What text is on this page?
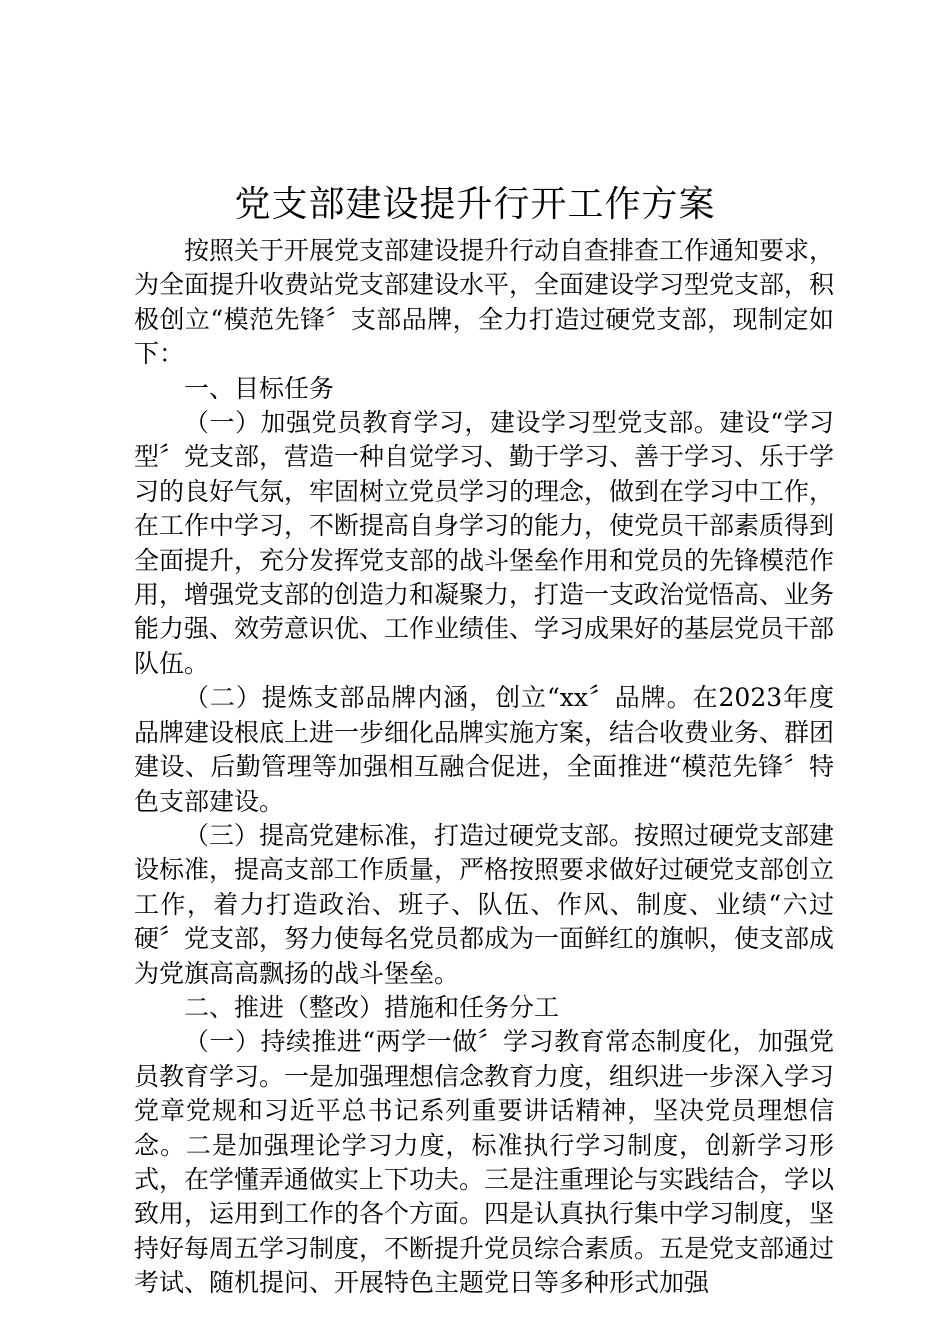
党支部建设提升行开工作方案

按照关于开展党支部建设提升行动自查排查工作通知要求，为全面提升收费站党支部建设水平，全面建设学习型党支部，积极创立“模范先锋〞支部品牌，全力打造过硬党支部，现制定如下：

一、目标任务

（一）加强党员教育学习，建设学习型党支部。建设“学习型〞党支部，营造一种自觉学习、勤于学习、善于学习、乐于学习的良好气氛，牢固树立党员学习的理念，做到在学习中工作，在工作中学习，不断提高自身学习的能力，使党员干部素质得到全面提升，充分发挥党支部的战斗堡垒作用和党员的先锋模范作用，增强党支部的创造力和凝聚力，打造一支政治觉悟高、业务能力强、效劳意识优、工作业绩佳、学习成果好的基层党员干部队伍。

（二）提炼支部品牌内涵，创立“xx〞品牌。在2023年度品牌建设根底上进一步细化品牌实施方案，结合收费业务、群团建设、后勤管理等加强相互融合促进，全面推进“模范先锋〞特色支部建设。

（三）提高党建标准，打造过硬党支部。按照过硬党支部建设标准，提高支部工作质量，严格按照要求做好过硬党支部创立工作，着力打造政治、班子、队伍、作风、制度、业绩“六过硬〞党支部，努力使每名党员都成为一面鲜红的旗帜，使支部成为党旗高高飘扬的战斗堡垒。

二、推进（整改）措施和任务分工

（一）持续推进“两学一做〞学习教育常态制度化，加强党员教育学习。一是加强理想信念教育力度，组织进一步深入学习党章党规和习近平总书记系列重要讲话精神，坚决党员理想信念。二是加强理论学习力度，标准执行学习制度，创新学习形式，在学懂弄通做实上下功夫。三是注重理论与实践结合，学以致用，运用到工作的各个方面。四是认真执行集中学习制度，坚持好每周五学习制度，不断提升党员综合素质。五是党支部通过考试、随机提问、开展特色主题党日等多种形式加强
